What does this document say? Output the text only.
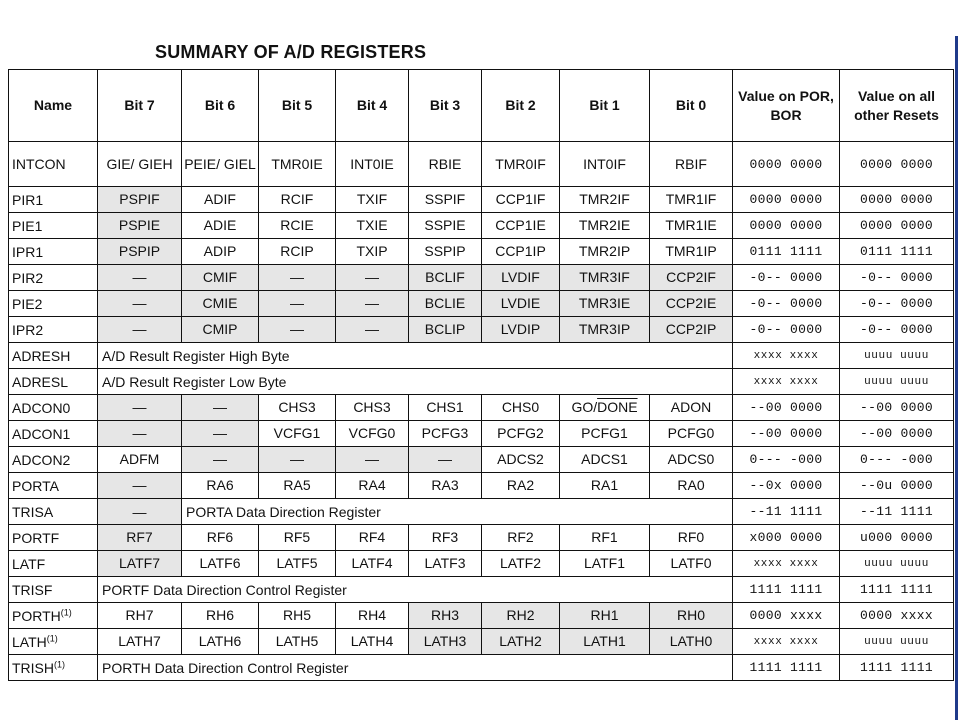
SUMMARY OF A/D REGISTERS
Name	Bit 7	Bit 6	Bit 5	Bit 4	Bit 3	Bit 2	Bit 1	Bit 0	Value on POR, BOR	Value on all other Resets
INTCON	GIE/ GIEH	PEIE/ GIEL	TMR0IE	INT0IE	RBIE	TMR0IF	INT0IF	RBIF	0000 0000	0000 0000
PIR1	PSPIF	ADIF	RCIF	TXIF	SSPIF	CCP1IF	TMR2IF	TMR1IF	0000 0000	0000 0000
PIE1	PSPIE	ADIE	RCIE	TXIE	SSPIE	CCP1IE	TMR2IE	TMR1IE	0000 0000	0000 0000
IPR1	PSPIP	ADIP	RCIP	TXIP	SSPIP	CCP1IP	TMR2IP	TMR1IP	0111 1111	0111 1111
PIR2	—	CMIF	—	—	BCLIF	LVDIF	TMR3IF	CCP2IF	-0-- 0000	-0-- 0000
PIE2	—	CMIE	—	—	BCLIE	LVDIE	TMR3IE	CCP2IE	-0-- 0000	-0-- 0000
IPR2	—	CMIP	—	—	BCLIP	LVDIP	TMR3IP	CCP2IP	-0-- 0000	-0-- 0000
ADRESH	A/D Result Register High Byte								xxxx xxxx	uuuu uuuu
ADRESL	A/D Result Register Low Byte								xxxx xxxx	uuuu uuuu
ADCON0	—	—	CHS3	CHS3	CHS1	CHS0	GO/DONE	ADON	--00 0000	--00 0000
ADCON1	—	—	VCFG1	VCFG0	PCFG3	PCFG2	PCFG1	PCFG0	--00 0000	--00 0000
ADCON2	ADFM	—	—	—	—	ADCS2	ADCS1	ADCS0	0--- -000	0--- -000
PORTA	—	RA6	RA5	RA4	RA3	RA2	RA1	RA0	--0x 0000	--0u 0000
TRISA	—	PORTA Data Direction Register							--11 1111	--11 1111
PORTF	RF7	RF6	RF5	RF4	RF3	RF2	RF1	RF0	x000 0000	u000 0000
LATF	LATF7	LATF6	LATF5	LATF4	LATF3	LATF2	LATF1	LATF0	xxxx xxxx	uuuu uuuu
TRISF	PORTF Data Direction Control Register								1111 1111	1111 1111
PORTH$^{(1)}$	RH7	RH6	RH5	RH4	RH3	RH2	RH1	RH0	0000 xxxx	0000 xxxx
LATH$^{(1)}$	LATH7	LATH6	LATH5	LATH4	LATH3	LATH2	LATH1	LATH0	xxxx xxxx	uuuu uuuu
TRISH$^{(1)}$	PORTH Data Direction Control Register								1111 1111	1111 1111
